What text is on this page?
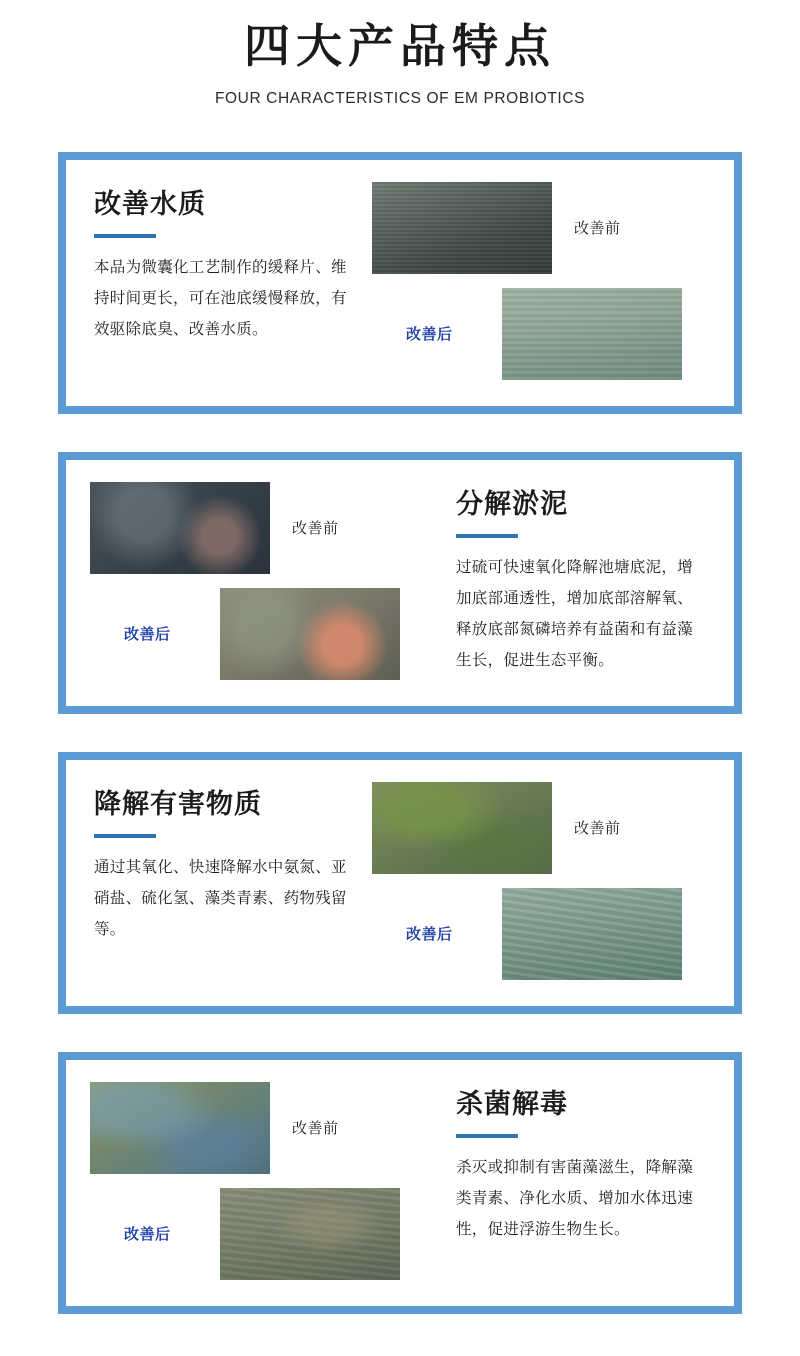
四大产品特点
FOUR CHARACTERISTICS OF EM PROBIOTICS
改善水质
本品为微囊化工艺制作的缓释片、维持时间更长，可在池底缓慢释放，有效驱除底臭、改善水质。
改善前
改善后
改善前
改善后
分解淤泥
过硫可快速氧化降解池塘底泥，增加底部通透性，增加底部溶解氧、释放底部氮磷培养有益菌和有益藻生长，促进生态平衡。
降解有害物质
通过其氧化、快速降解水中氨氮、亚硝盐、硫化氢、藻类青素、药物残留等。
改善前
改善后
改善前
改善后
杀菌解毒
杀灭或抑制有害菌藻滋生，降解藻类青素、净化水质、增加水体迅速性，促进浮游生物生长。
